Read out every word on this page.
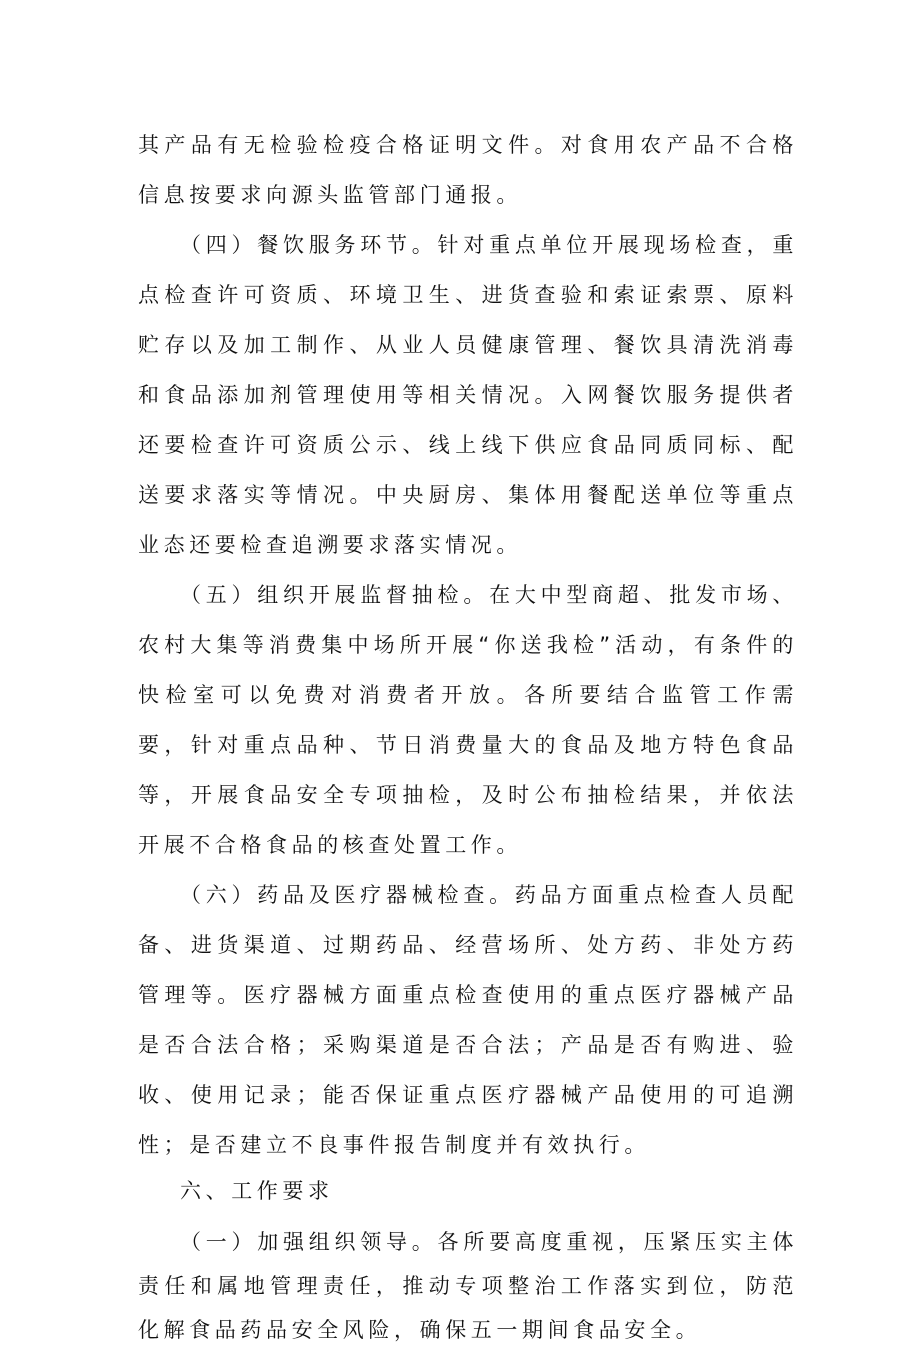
其产品有无检验检疫合格证明文件。对食用农产品不合格信息按要求向源头监管部门通报。

（四）餐饮服务环节。针对重点单位开展现场检查，重点检查许可资质、环境卫生、进货查验和索证索票、原料贮存以及加工制作、从业人员健康管理、餐饮具清洗消毒和食品添加剂管理使用等相关情况。入网餐饮服务提供者还要检查许可资质公示、线上线下供应食品同质同标、配送要求落实等情况。中央厨房、集体用餐配送单位等重点业态还要检查追溯要求落实情况。

（五）组织开展监督抽检。在大中型商超、批发市场、农村大集等消费集中场所开展“你送我检”活动，有条件的快检室可以免费对消费者开放。各所要结合监管工作需要，针对重点品种、节日消费量大的食品及地方特色食品等，开展食品安全专项抽检，及时公布抽检结果，并依法开展不合格食品的核查处置工作。

（六）药品及医疗器械检查。药品方面重点检查人员配备、进货渠道、过期药品、经营场所、处方药、非处方药管理等。医疗器械方面重点检查使用的重点医疗器械产品是否合法合格；采购渠道是否合法；产品是否有购进、验收、使用记录；能否保证重点医疗器械产品使用的可追溯性；是否建立不良事件报告制度并有效执行。

六、工作要求

（一）加强组织领导。各所要高度重视，压紧压实主体责任和属地管理责任，推动专项整治工作落实到位，防范化解食品药品安全风险，确保五一期间食品安全。
